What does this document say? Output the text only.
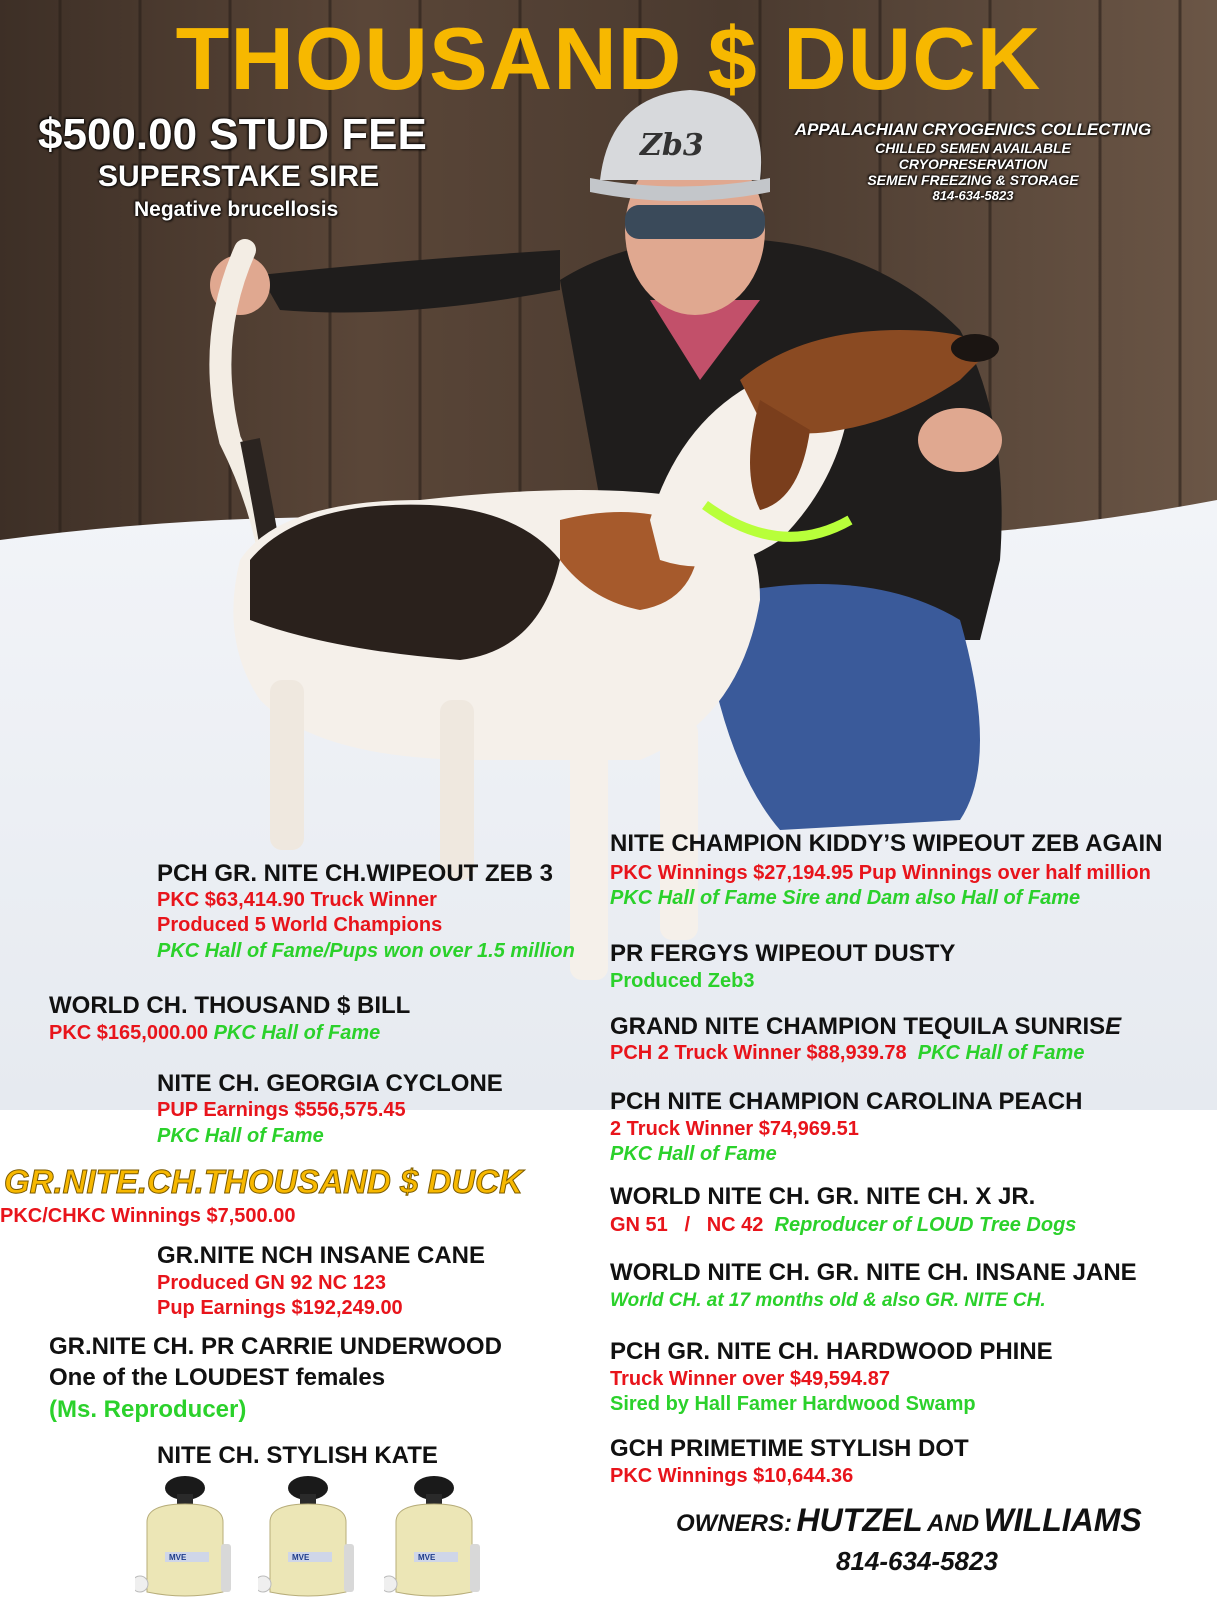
THOUSAND $ DUCK
$500.00 STUD FEE
SUPERSTAKE SIRE
Negative brucellosis
APPALACHIAN CRYOGENICS COLLECTING
CHILLED SEMEN AVAILABLE
CRYOPRESERVATION
SEMEN FREEZING & STORAGE
814-634-5823
Zb3
PCH GR. NITE CH.WIPEOUT ZEB 3
PKC $63,414.90 Truck Winner
Produced 5 World Champions
PKC Hall of Fame/Pups won over 1.5 million
WORLD CH. THOUSAND $ BILL
PKC $165,000.00 PKC Hall of Fame
NITE CH. GEORGIA CYCLONE
PUP Earnings $556,575.45
PKC Hall of Fame
GR.NITE.CH.THOUSAND $ DUCK
PKC/CHKC Winnings $7,500.00
GR.NITE NCH INSANE CANE
Produced GN 92 NC 123
Pup Earnings $192,249.00
GR.NITE CH. PR CARRIE UNDERWOOD
One of the LOUDEST females
(Ms. Reproducer)
NITE CH. STYLISH KATE
MVE	MVE	MVE
NITE CHAMPION KIDDY’S WIPEOUT ZEB AGAIN
PKC Winnings $27,194.95 Pup Winnings over half million
PKC Hall of Fame Sire and Dam also Hall of Fame
PR FERGYS WIPEOUT DUSTY
Produced Zeb3
GRAND NITE CHAMPION TEQUILA SUNRISE
PCH 2 Truck Winner $88,939.78 PKC Hall of Fame
PCH NITE CHAMPION CAROLINA PEACH
2 Truck Winner $74,969.51
PKC Hall of Fame
WORLD NITE CH. GR. NITE CH. X JR.
GN 51   /   NC 42 Reproducer of LOUD Tree Dogs
WORLD NITE CH. GR. NITE CH. INSANE JANE
World CH. at 17 months old & also GR. NITE CH.
PCH GR. NITE CH. HARDWOOD PHINE
Truck Winner over $49,594.87
Sired by Hall Famer Hardwood Swamp
GCH PRIMETIME STYLISH DOT
PKC Winnings $10,644.36
OWNERS: HUTZEL AND WILLIAMS
814-634-5823
